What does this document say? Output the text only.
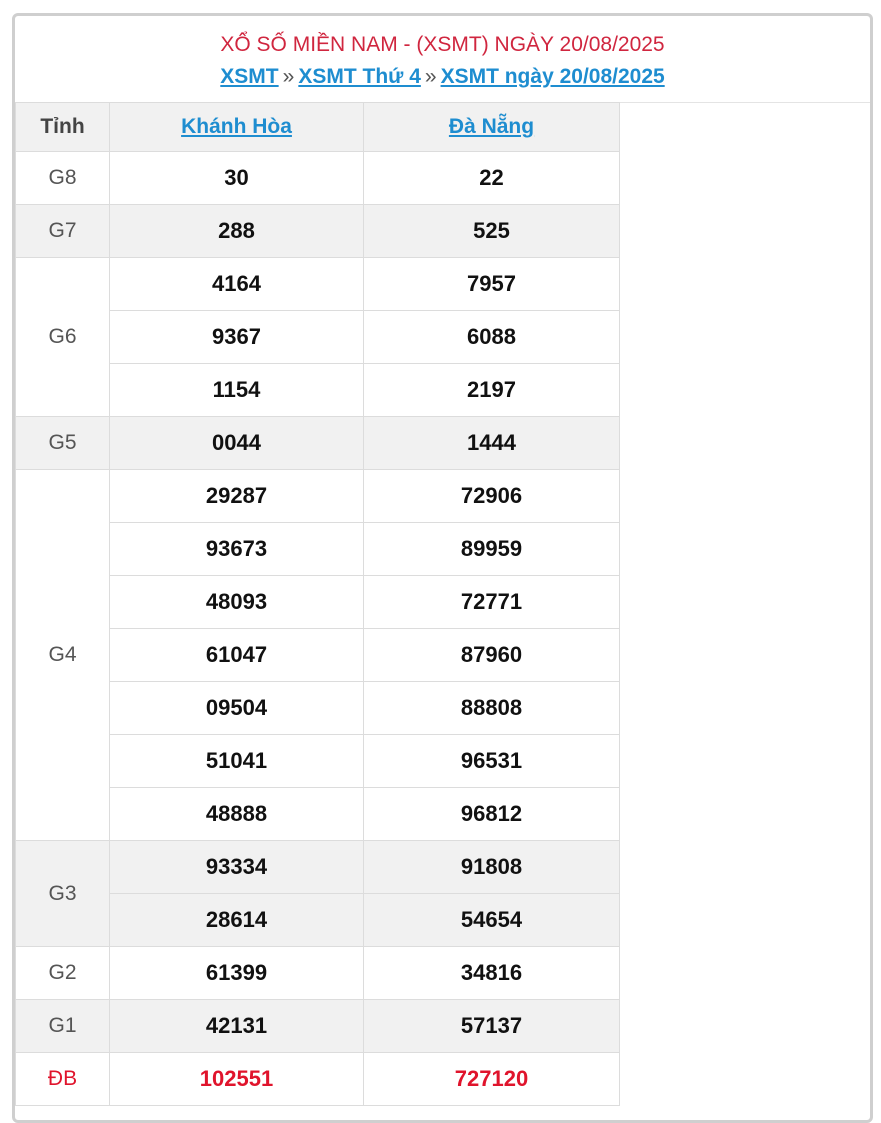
XỔ SỐ MIỀN NAM - (XSMT) NGÀY 20/08/2025
XSMT » XSMT Thứ 4 » XSMT ngày 20/08/2025
Tỉnh	Khánh Hòa	Đà Nẵng
G8	30	22
G7	288	525
G6	4164	7957
	9367	6088
	1154	2197
G5	0044	1444
G4	29287	72906
	93673	89959
	48093	72771
	61047	87960
	09504	88808
	51041	96531
	48888	96812
G3	93334	91808
	28614	54654
G2	61399	34816
G1	42131	57137
ĐB	102551	727120
